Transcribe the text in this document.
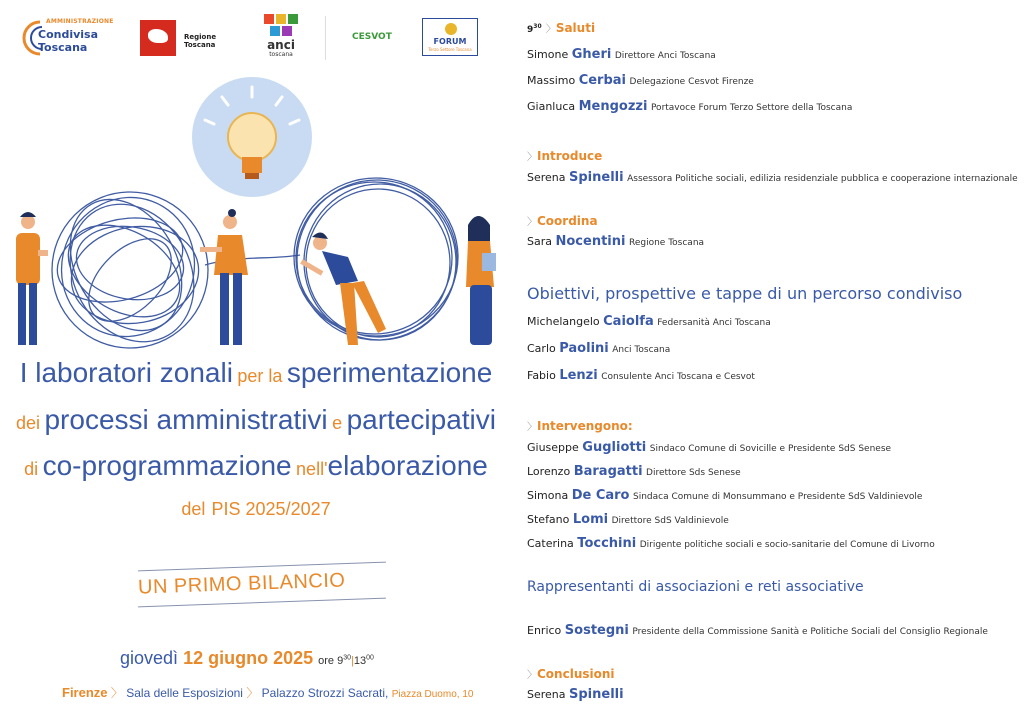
AMMINISTRAZIONE
Condivisa
Toscana
Regione Toscana	anci
toscana
CESVOT	FORUM
Terzo Settore Toscana
I laboratori zonali per la sperimentazione
dei processi amministrativi e partecipativi
di co-programmazione nell'elaborazione
del PIS 2025/2027
UN PRIMO BILANCIO
giovedì 12 giugno 2025 ore $9^{30}|13^{00}$
Firenze 〉 Sala delle Esposizioni 〉 Palazzo Strozzi Sacrati, Piazza Duomo, 10
$9^{30}$ 〉Saluti
Simone Gheri Direttore Anci Toscana
Massimo Cerbai Delegazione Cesvot Firenze
Gianluca Mengozzi Portavoce Forum Terzo Settore della Toscana
〉Introduce
Serena Spinelli Assessora Politiche sociali, edilizia residenziale pubblica e cooperazione internazionale
〉Coordina
Sara Nocentini Regione Toscana
Obiettivi, prospettive e tappe di un percorso condiviso
Michelangelo Caiolfa Federsanità Anci Toscana
Carlo Paolini Anci Toscana
Fabio Lenzi Consulente Anci Toscana e Cesvot
〉Intervengono:
Giuseppe Gugliotti Sindaco Comune di Sovicille e Presidente SdS Senese
Lorenzo Baragatti Direttore Sds Senese
Simona De Caro Sindaca Comune di Monsummano e Presidente SdS Valdinievole
Stefano Lomi Direttore SdS Valdinievole
Caterina Tocchini Dirigente politiche sociali e socio-sanitarie del Comune di Livorno
Rappresentanti di associazioni e reti associative
Enrico Sostegni Presidente della Commissione Sanità e Politiche Sociali del Consiglio Regionale
〉Conclusioni
Serena Spinelli
